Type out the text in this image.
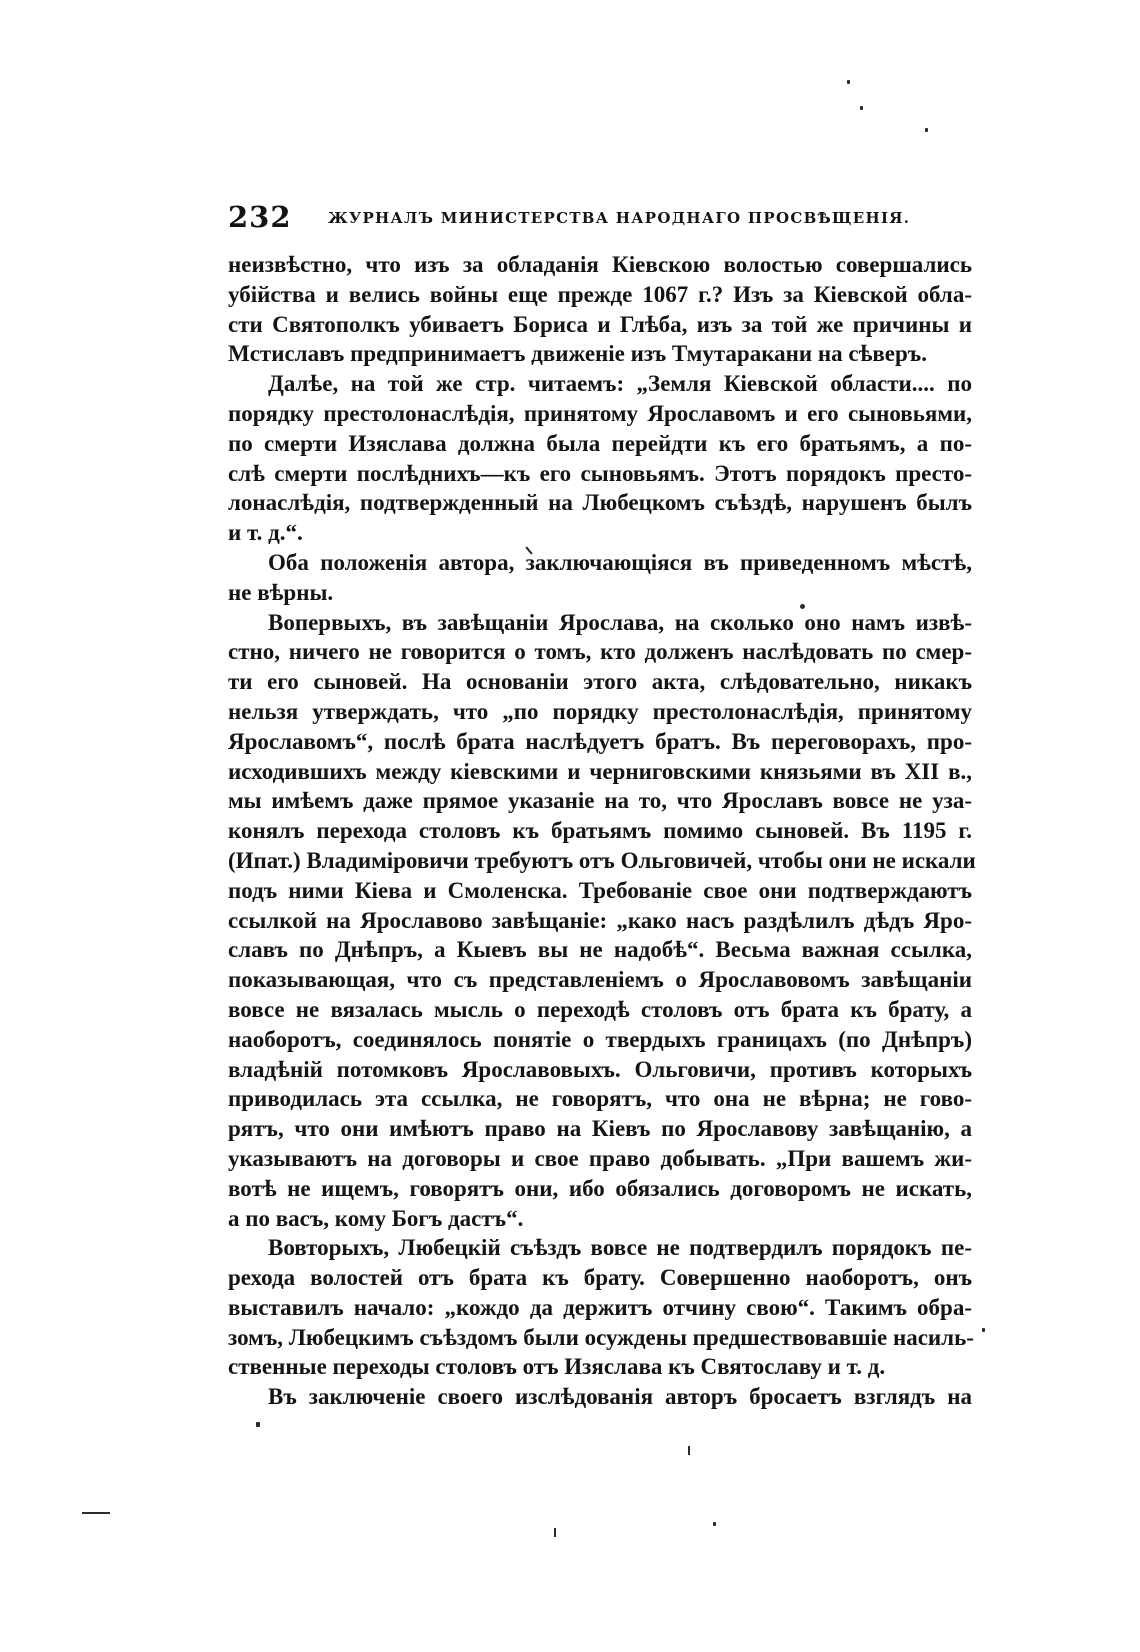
232 ЖУРНАЛЪ МИНИСТЕРСТВА НАРОДНАГО ПРОСВѢЩЕНІЯ.
неизвѣстно, что изъ за обладанія Кіевскою волостью совершались
убійства и велись войны еще прежде 1067 г.? Изъ за Кіевской обла-
сти Святополкъ убиваетъ Бориса и Глѣба, изъ за той же причины и
Мстиславъ предпринимаетъ движеніе изъ Тмутаракани на сѣверъ.
Далѣе, на той же стр. читаемъ: „Земля Кіевской области.... по
порядку престолонаслѣдія, принятому Ярославомъ и его сыновьями,
по смерти Изяслава должна была перейдти къ его братьямъ, а по-
слѣ смерти послѣднихъ—къ его сыновьямъ. Этотъ порядокъ престо-
лонаслѣдія, подтвержденный на Любецкомъ съѣздѣ, нарушенъ былъ
и т. д.“.
Оба положенія автора, заключающіяся въ приведенномъ мѣстѣ,
не вѣрны.
Вопервыхъ, въ завѣщаніи Ярослава, на сколько оно намъ извѣ-
стно, ничего не говорится о томъ, кто долженъ наслѣдовать по смер-
ти его сыновей. На основаніи этого акта, слѣдовательно, никакъ
нельзя утверждать, что „по порядку престолонаслѣдія, принятому
Ярославомъ“, послѣ брата наслѣдуетъ братъ. Въ переговорахъ, про-
исходившихъ между кіевскими и черниговскими князьями въ XII в.,
мы имѣемъ даже прямое указаніе на то, что Ярославъ вовсе не уза-
конялъ перехода столовъ къ братьямъ помимо сыновей. Въ 1195 г.
(Ипат.) Владиміровичи требуютъ отъ Ольговичей, чтобы они не искали
подъ ними Кіева и Смоленска. Требованіе свое они подтверждаютъ
ссылкой на Ярославово завѣщаніе: „како насъ раздѣлилъ дѣдъ Яро-
славъ по Днѣпръ, а Кыевъ вы не надобѣ“. Весьма важная ссылка,
показывающая, что съ представленіемъ о Ярославовомъ завѣщаніи
вовсе не вязалась мысль о переходѣ столовъ отъ брата къ брату, а
наоборотъ, соединялось понятіе о твердыхъ границахъ (по Днѣпръ)
владѣній потомковъ Ярославовыхъ. Ольговичи, противъ которыхъ
приводилась эта ссылка, не говорятъ, что она не вѣрна; не гово-
рятъ, что они имѣютъ право на Кіевъ по Ярославову завѣщанію, а
указываютъ на договоры и свое право добывать. „При вашемъ жи-
вотѣ не ищемъ, говорятъ они, ибо обязались договоромъ не искать,
а по васъ, кому Богъ дастъ“.
Вовторыхъ, Любецкій съѣздъ вовсе не подтвердилъ порядокъ пе-
рехода волостей отъ брата къ брату. Совершенно наоборотъ, онъ
выставилъ начало: „кождо да держитъ отчину свою“. Такимъ обра-
зомъ, Любецкимъ съѣздомъ были осуждены предшествовавшіе насиль-
ственные переходы столовъ отъ Изяслава къ Святославу и т. д.
Въ заключеніе своего изслѣдованія авторъ бросаетъ взглядъ на
